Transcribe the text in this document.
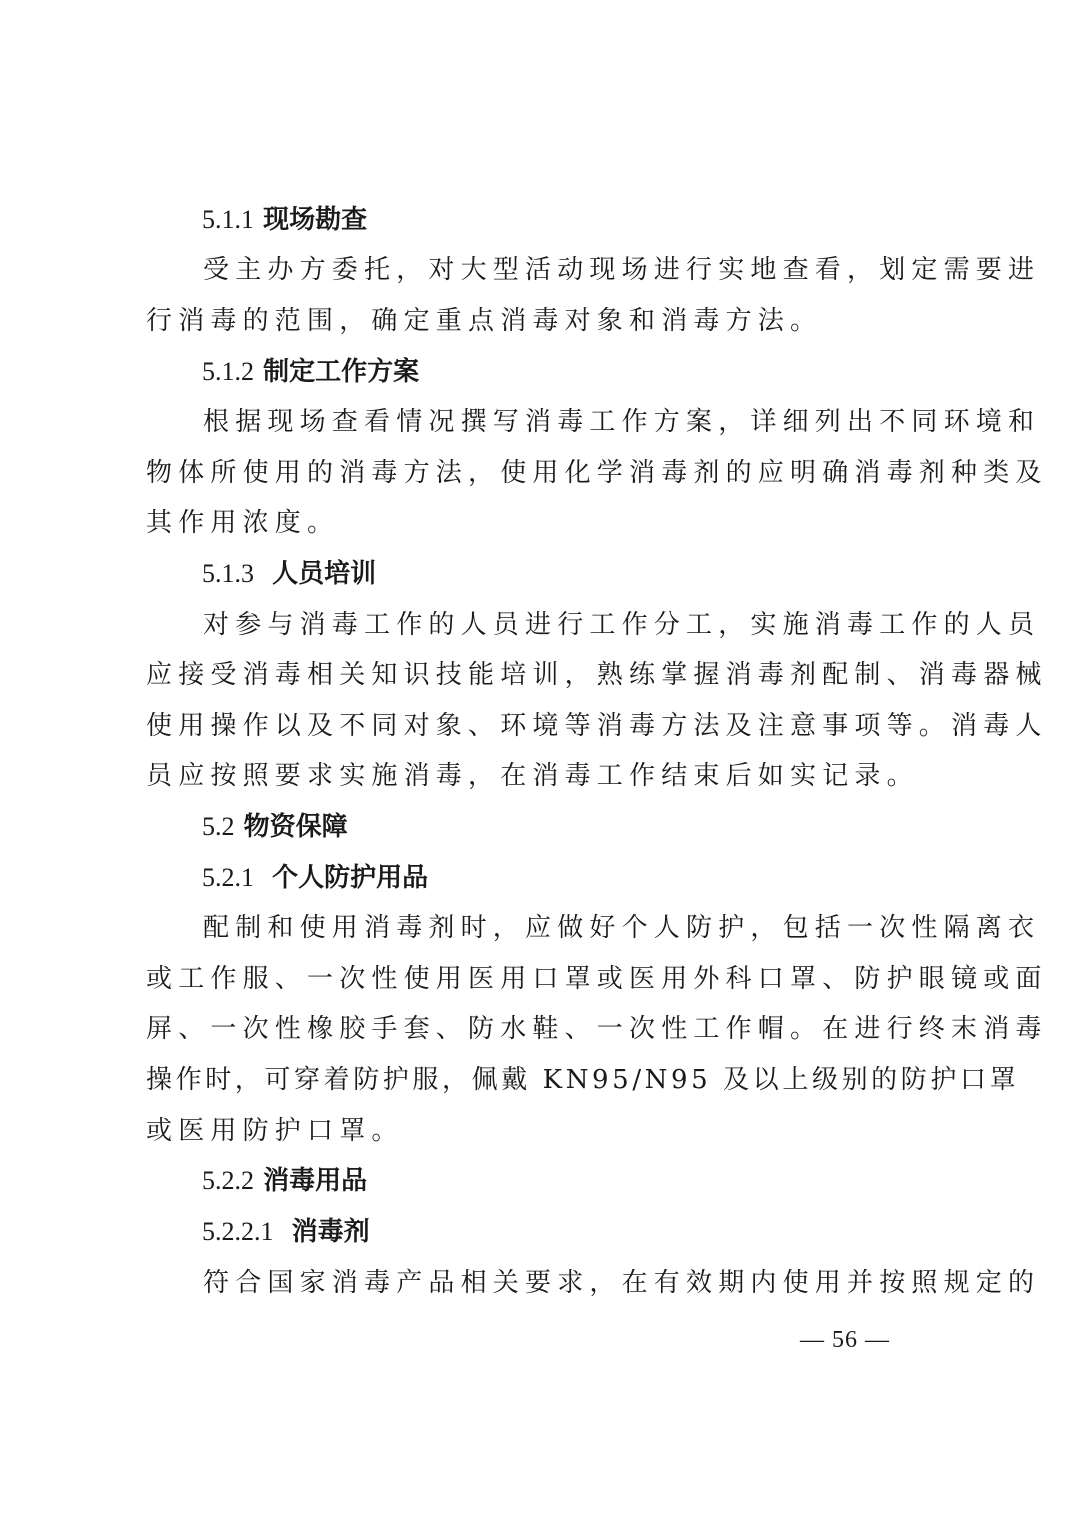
5.1.1 现场勘查
受主办方委托，对大型活动现场进行实地查看，划定需要进
行消毒的范围，确定重点消毒对象和消毒方法。
5.1.2 制定工作方案
根据现场查看情况撰写消毒工作方案，详细列出不同环境和
物体所使用的消毒方法，使用化学消毒剂的应明确消毒剂种类及
其作用浓度。
5.1.3 人员培训
对参与消毒工作的人员进行工作分工，实施消毒工作的人员
应接受消毒相关知识技能培训，熟练掌握消毒剂配制、消毒器械
使用操作以及不同对象、环境等消毒方法及注意事项等。消毒人
员应按照要求实施消毒，在消毒工作结束后如实记录。
5.2 物资保障
5.2.1 个人防护用品
配制和使用消毒剂时，应做好个人防护，包括一次性隔离衣
或工作服、一次性使用医用口罩或医用外科口罩、防护眼镜或面
屏、一次性橡胶手套、防水鞋、一次性工作帽。在进行终末消毒
操作时，可穿着防护服，佩戴 KN95/N95 及以上级别的防护口罩
或医用防护口罩。
5.2.2 消毒用品
5.2.2.1 消毒剂
符合国家消毒产品相关要求，在有效期内使用并按照规定的
— 56 —
